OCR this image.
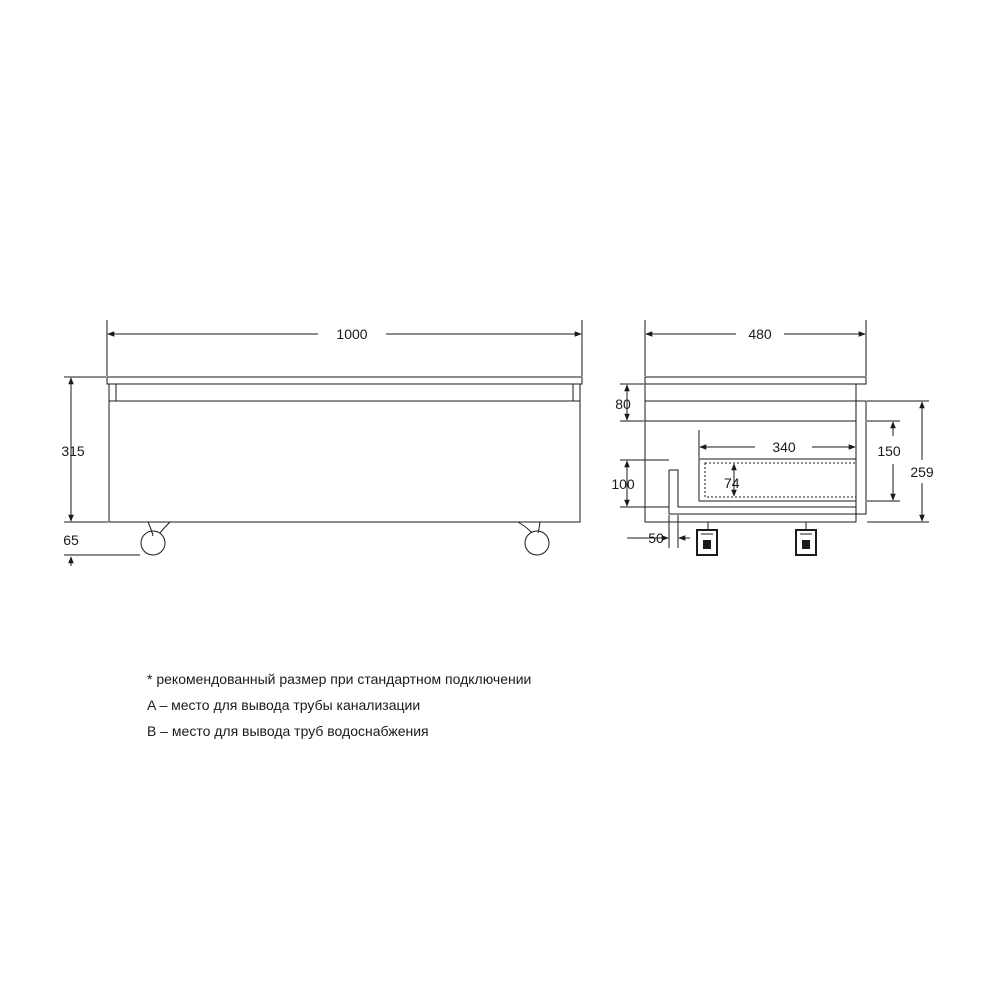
1000
315
65
480
80
100
50
340
74
150
259
* рекомендованный размер при стандартном подключении
A – место для вывода трубы канализации
B – место для вывода труб водоснабжения
